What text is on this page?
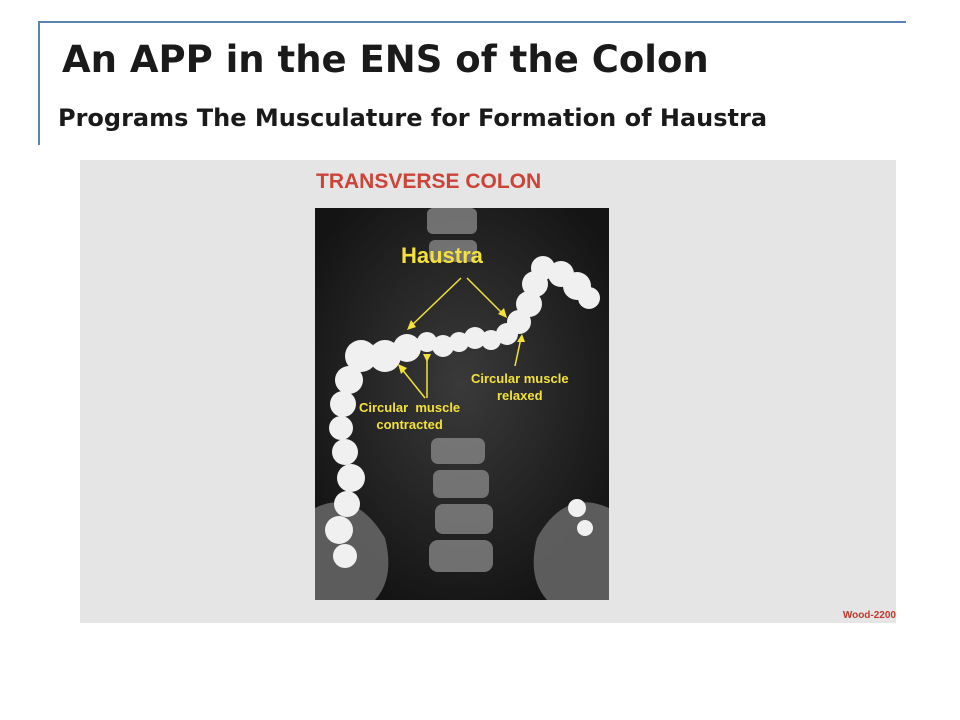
An APP in the ENS of the Colon
Programs The Musculature for Formation of Haustra
TRANSVERSE COLON
Haustra
Circular muscle
relaxed
Circular  muscle
contracted
Wood-2200
